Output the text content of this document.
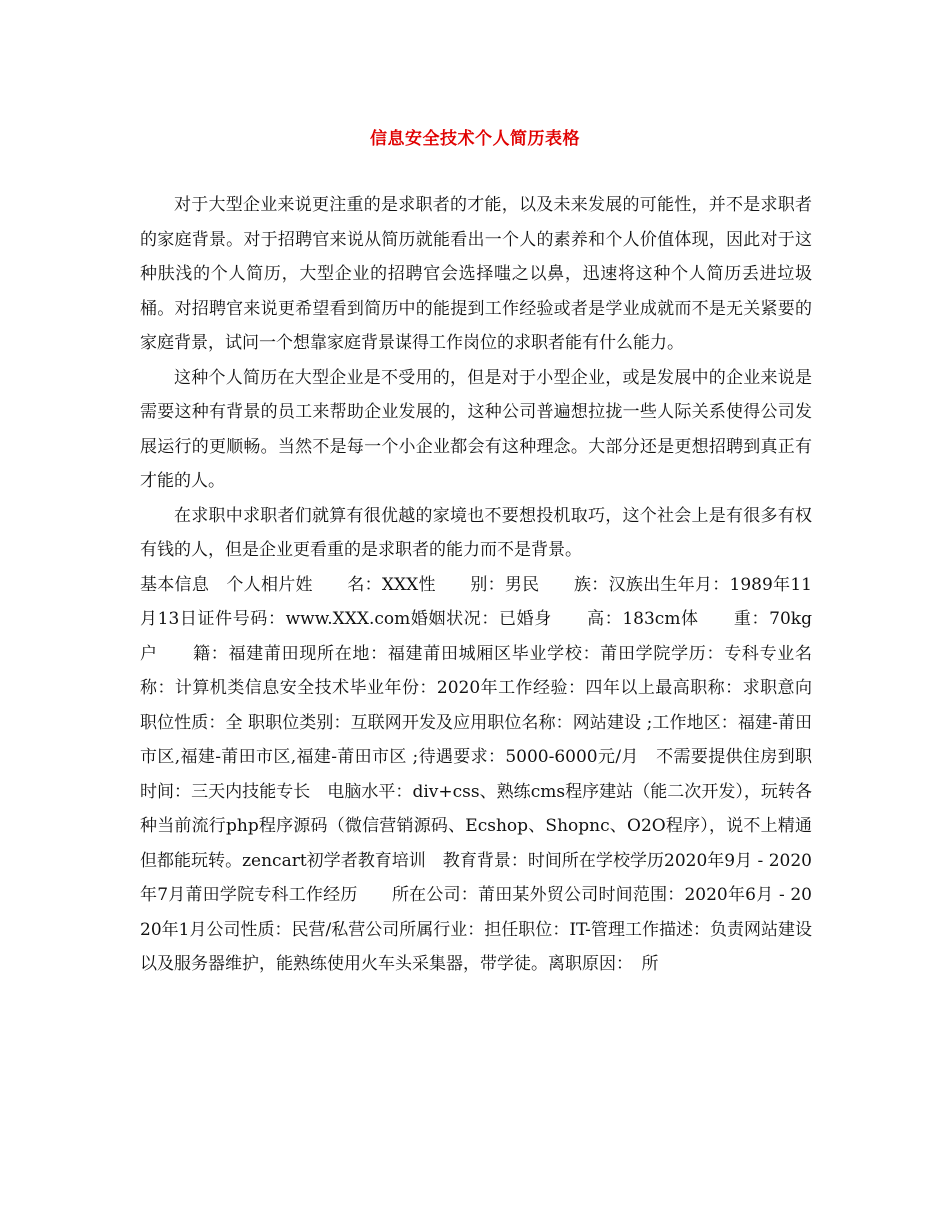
信息安全技术个人简历表格

对于大型企业来说更注重的是求职者的才能，以及未来发展的可能性，并不是求职者的家庭背景。对于招聘官来说从简历就能看出一个人的素养和个人价值体现，因此对于这种肤浅的个人简历，大型企业的招聘官会选择嗤之以鼻，迅速将这种个人简历丢进垃圾桶。对招聘官来说更希望看到简历中的能提到工作经验或者是学业成就而不是无关紧要的家庭背景，试问一个想靠家庭背景谋得工作岗位的求职者能有什么能力。

这种个人简历在大型企业是不受用的，但是对于小型企业，或是发展中的企业来说是需要这种有背景的员工来帮助企业发展的，这种公司普遍想拉拢一些人际关系使得公司发展运行的更顺畅。当然不是每一个小企业都会有这种理念。大部分还是更想招聘到真正有才能的人。

在求职中求职者们就算有很优越的家境也不要想投机取巧，这个社会上是有很多有权有钱的人，但是企业更看重的是求职者的能力而不是背景。

基本信息　个人相片姓　　名：XXX性　　别：男民　　族：汉族出生年月：1989年11月13日证件号码：www.XXX.com婚姻状况：已婚身　　高：183cm体　　重：70kg户　　籍：福建莆田现所在地：福建莆田城厢区毕业学校：莆田学院学历：专科专业名称：计算机类信息安全技术毕业年份：2020年工作经验：四年以上最高职称：求职意向　职位性质：全 职职位类别：互联网开发及应用职位名称：网站建设 ;工作地区：福建-莆田市区,福建-莆田市区,福建-莆田市区 ;待遇要求：5000-6000元/月　不需要提供住房到职时间：三天内技能专长　电脑水平：div+css、熟练cms程序建站（能二次开发），玩转各种当前流行php程序源码（微信营销源码、Ecshop、Shopnc、O2O程序），说不上精通但都能玩转。zencart初学者教育培训　教育背景：时间所在学校学历2020年9月 - 2020年7月莆田学院专科工作经历　　所在公司：莆田某外贸公司时间范围：2020年6月 - 2020年1月公司性质：民营/私营公司所属行业：担任职位：IT-管理工作描述：负责网站建设以及服务器维护，能熟练使用火车头采集器，带学徒。离职原因：　所
